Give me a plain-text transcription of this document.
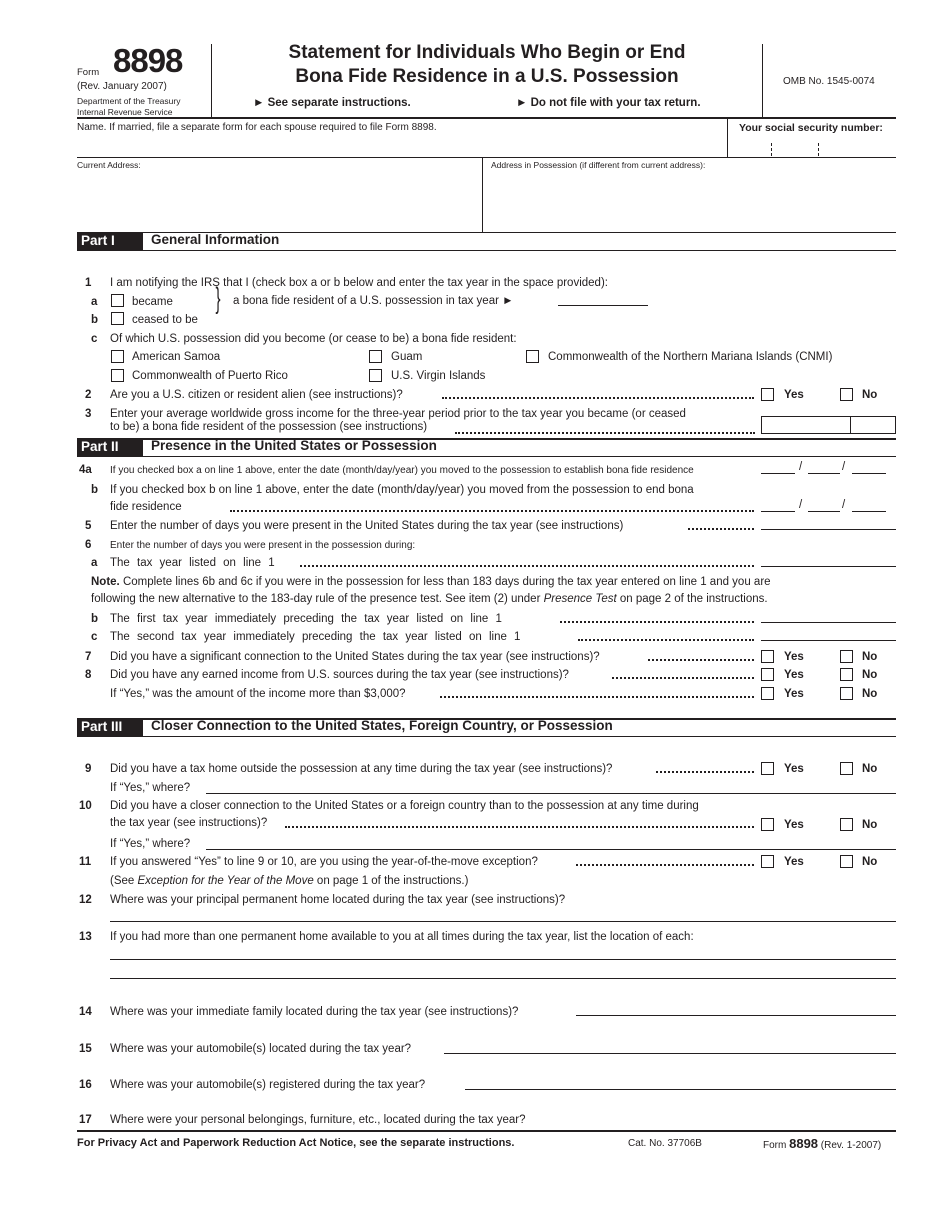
Form 8898
(Rev. January 2007)
Department of the Treasury
Internal Revenue Service
Statement for Individuals Who Begin or End
Bona Fide Residence in a U.S. Possession
► See separate instructions.	► Do not file with your tax return.
OMB No. 1545-0074
Name. If married, file a separate form for each spouse required to file Form 8898.	Your social security number:
Current Address:	Address in Possession (if different from current address):
Part I	General Information
1 I am notifying the IRS that I (check box a or b below and enter the tax year in the space provided):
a	became
b	ceased to be
} a bona fide resident of a U.S. possession in tax year ►
c Of which U.S. possession did you become (or cease to be) a bona fide resident:
American Samoa	Guam	Commonwealth of the Northern Mariana Islands (CNMI)
Commonwealth of Puerto Rico	U.S. Virgin Islands
2 Are you a U.S. citizen or resident alien (see instructions)?	Yes	No
3 Enter your average worldwide gross income for the three-year period prior to the tax year you became (or ceased
to be) a bona fide resident of the possession (see instructions)
Part II	Presence in the United States or Possession
4a If you checked box a on line 1 above, enter the date (month/day/year) you moved to the possession to establish bona fide residence	/	/
b If you checked box b on line 1 above, enter the date (month/day/year) you moved from the possession to end bona
fide residence	/	/
5 Enter the number of days you were present in the United States during the tax year (see instructions)
6 Enter the number of days you were present in the possession during:
a The tax year listed on line 1
Note. Complete lines 6b and 6c if you were in the possession for less than 183 days during the tax year entered on line 1 and you are
following the new alternative to the 183-day rule of the presence test. See item (2) under Presence Test on page 2 of the instructions.
b The first tax year immediately preceding the tax year listed on line 1
c The second tax year immediately preceding the tax year listed on line 1
7 Did you have a significant connection to the United States during the tax year (see instructions)?	Yes	No
8 Did you have any earned income from U.S. sources during the tax year (see instructions)?	Yes	No
If “Yes,” was the amount of the income more than $3,000?	Yes	No
Part III	Closer Connection to the United States, Foreign Country, or Possession
9 Did you have a tax home outside the possession at any time during the tax year (see instructions)?	Yes	No
If “Yes,” where?
10 Did you have a closer connection to the United States or a foreign country than to the possession at any time during
the tax year (see instructions)?	Yes	No
If “Yes,” where?
11 If you answered “Yes” to line 9 or 10, are you using the year-of-the-move exception?	Yes	No
(See Exception for the Year of the Move on page 1 of the instructions.)
12 Where was your principal permanent home located during the tax year (see instructions)?
13 If you had more than one permanent home available to you at all times during the tax year, list the location of each:
14 Where was your immediate family located during the tax year (see instructions)?
15 Where was your automobile(s) located during the tax year?
16 Where was your automobile(s) registered during the tax year?
17 Where were your personal belongings, furniture, etc., located during the tax year?
For Privacy Act and Paperwork Reduction Act Notice, see the separate instructions.	Cat. No. 37706B	Form 8898 (Rev. 1-2007)
